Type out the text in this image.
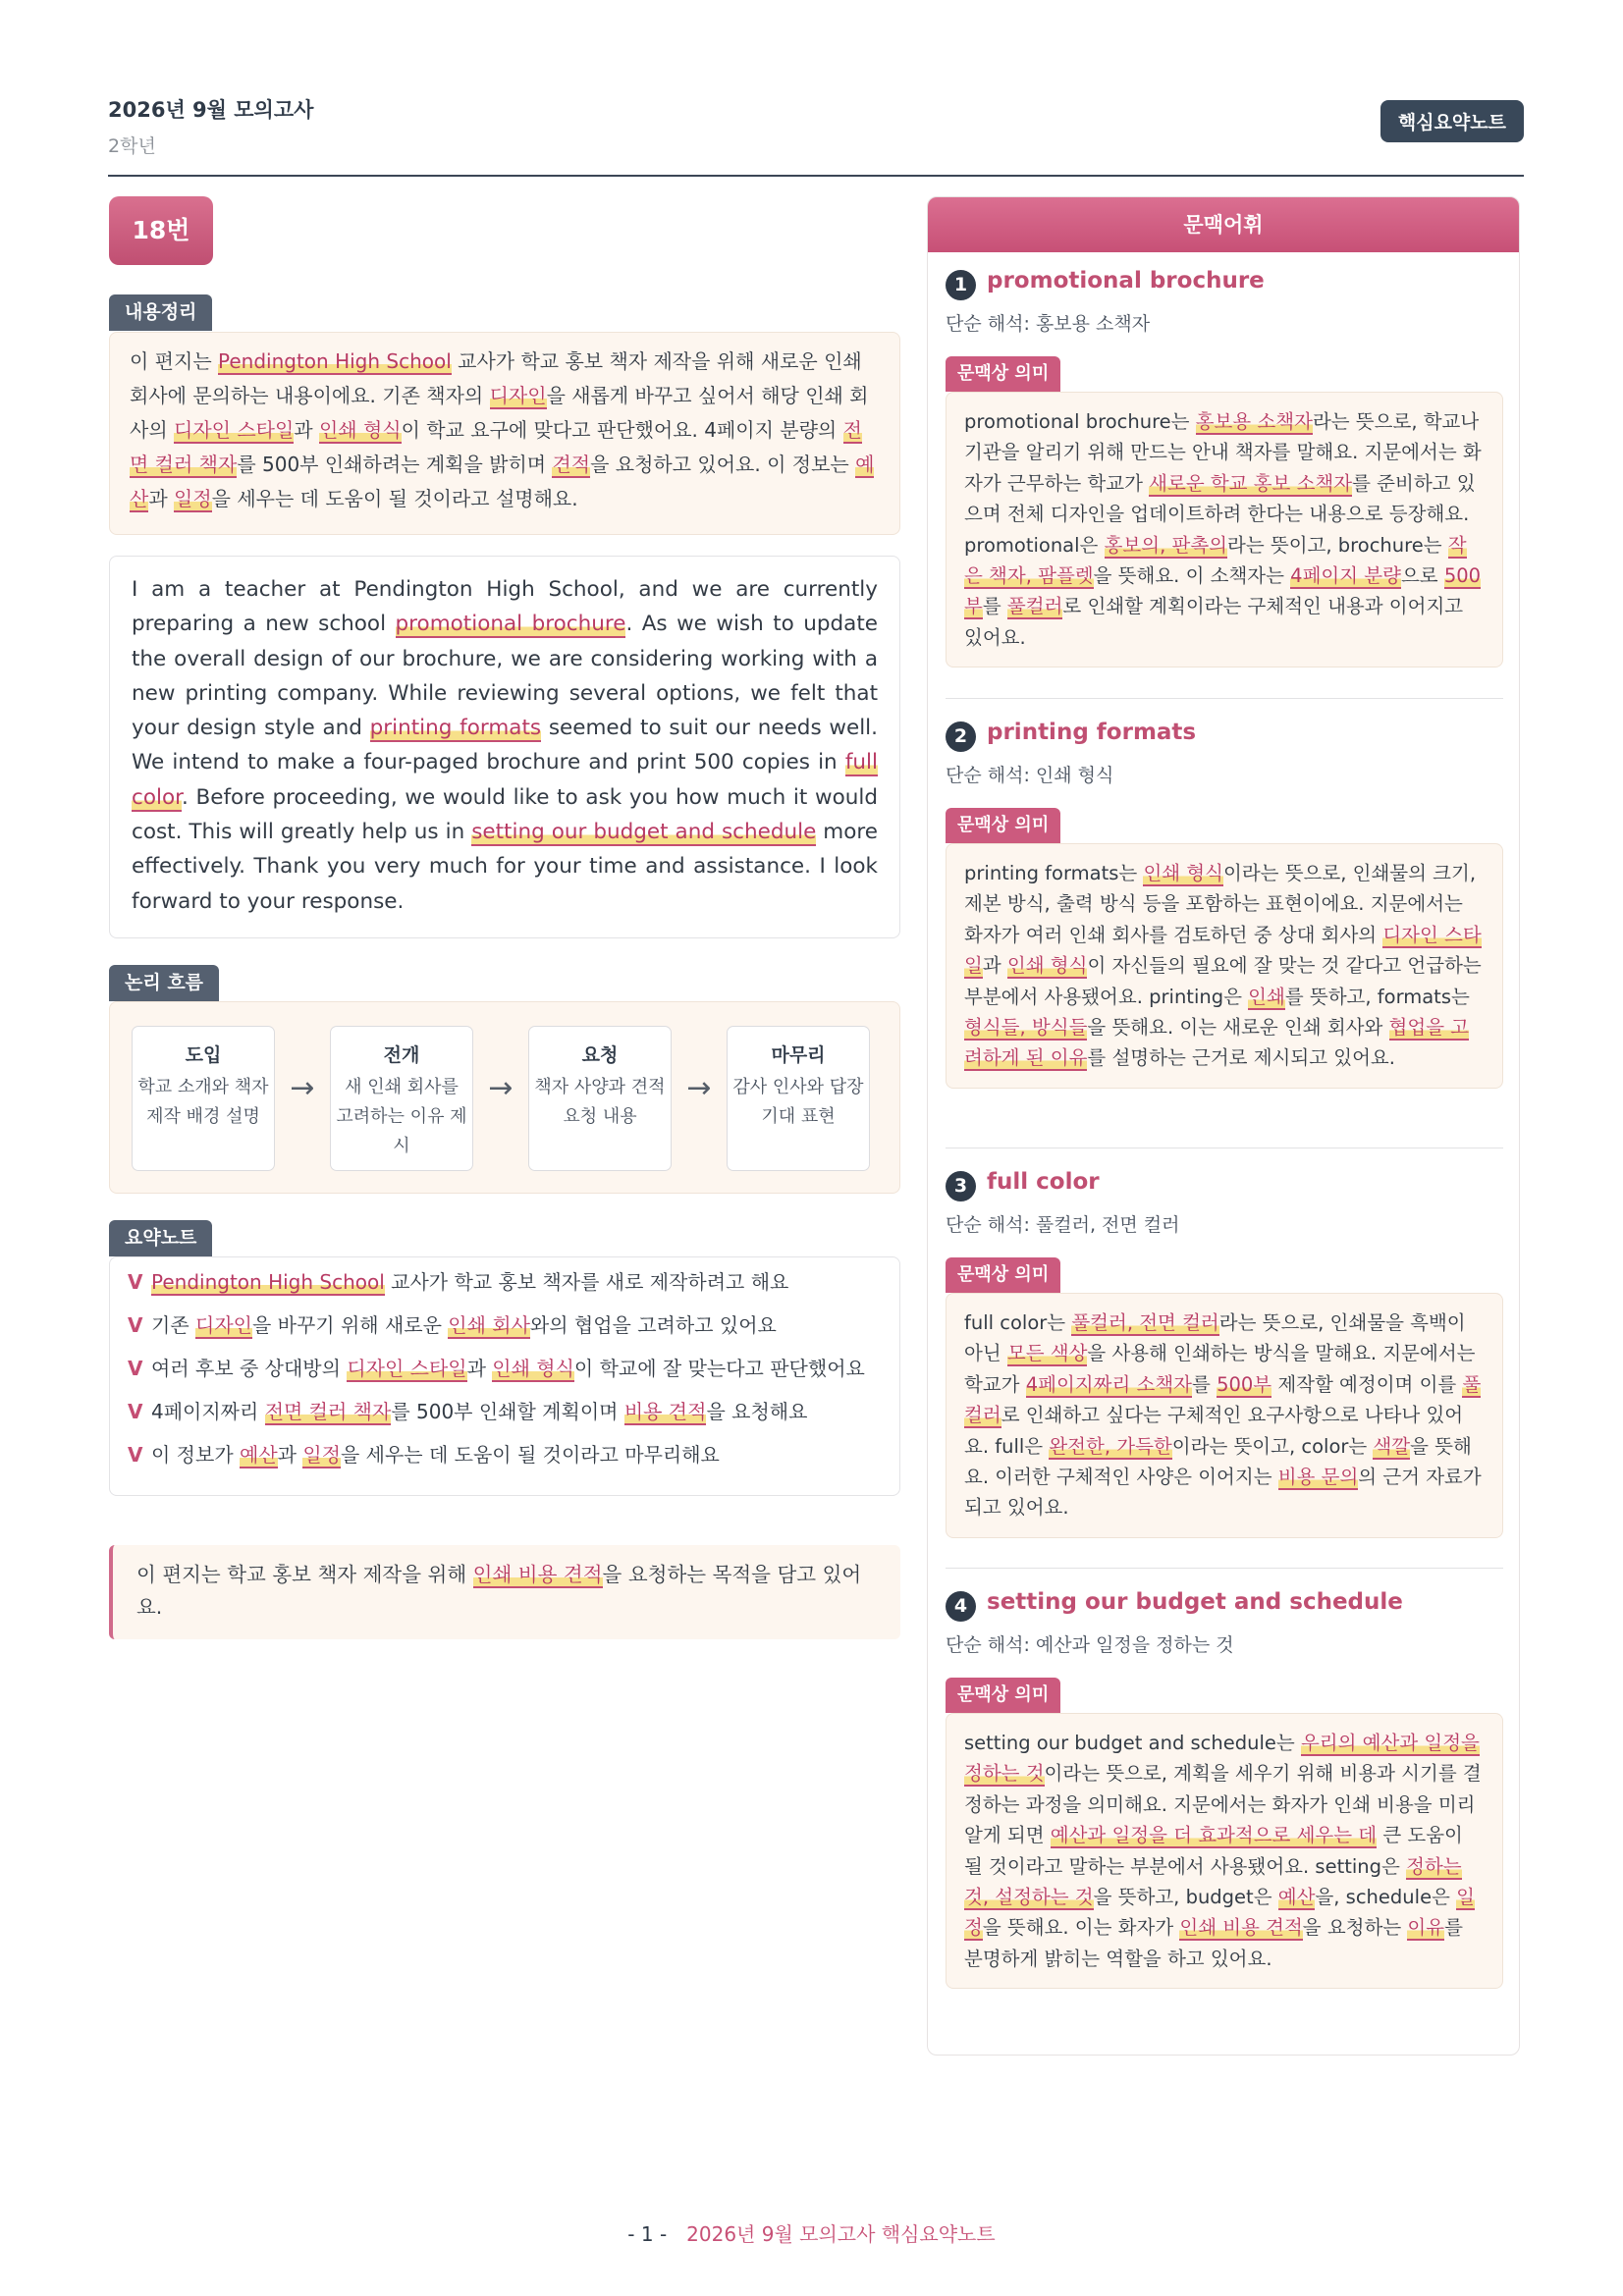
2026년 9월 모의고사
2학년
핵심요약노트
18번
내용정리
이 편지는 Pendington High School 교사가 학교 홍보 책자 제작을 위해 새로운 인쇄 회사에 문의하는 내용이에요. 기존 책자의 디자인을 새롭게 바꾸고 싶어서 해당 인쇄 회사의 디자인 스타일과 인쇄 형식이 학교 요구에 맞다고 판단했어요. 4페이지 분량의 전면 컬러 책자를 500부 인쇄하려는 계획을 밝히며 견적을 요청하고 있어요. 이 정보는 예산과 일정을 세우는 데 도움이 될 것이라고 설명해요.
I am a teacher at Pendington High School, and we are currently preparing a new school promotional brochure. As we wish to update the overall design of our brochure, we are considering working with a new printing company. While reviewing several options, we felt that your design style and printing formats seemed to suit our needs well. We intend to make a four-paged brochure and print 500 copies in full color. Before proceeding, we would like to ask you how much it would cost. This will greatly help us in setting our budget and schedule more effectively. Thank you very much for your time and assistance. I look forward to your response.
논리 흐름
도입
학교 소개와 책자 제작 배경 설명
→
전개
새 인쇄 회사를 고려하는 이유 제시
→
요청
책자 사양과 견적 요청 내용
→
마무리
감사 인사와 답장 기대 표현
요약노트
V Pendington High School 교사가 학교 홍보 책자를 새로 제작하려고 해요
V 기존 디자인을 바꾸기 위해 새로운 인쇄 회사와의 협업을 고려하고 있어요
V 여러 후보 중 상대방의 디자인 스타일과 인쇄 형식이 학교에 잘 맞는다고 판단했어요
V 4페이지짜리 전면 컬러 책자를 500부 인쇄할 계획이며 비용 견적을 요청해요
V 이 정보가 예산과 일정을 세우는 데 도움이 될 것이라고 마무리해요
이 편지는 학교 홍보 책자 제작을 위해 인쇄 비용 견적을 요청하는 목적을 담고 있어요.
문맥어휘
1 promotional brochure
단순 해석: 홍보용 소책자
문맥상 의미
promotional brochure는 홍보용 소책자라는 뜻으로, 학교나 기관을 알리기 위해 만드는 안내 책자를 말해요. 지문에서는 화자가 근무하는 학교가 새로운 학교 홍보 소책자를 준비하고 있으며 전체 디자인을 업데이트하려 한다는 내용으로 등장해요. promotional은 홍보의, 판촉의라는 뜻이고, brochure는 작은 책자, 팜플렛을 뜻해요. 이 소책자는 4페이지 분량으로 500부를 풀컬러로 인쇄할 계획이라는 구체적인 내용과 이어지고 있어요.
2 printing formats
단순 해석: 인쇄 형식
문맥상 의미
printing formats는 인쇄 형식이라는 뜻으로, 인쇄물의 크기, 제본 방식, 출력 방식 등을 포함하는 표현이에요. 지문에서는 화자가 여러 인쇄 회사를 검토하던 중 상대 회사의 디자인 스타일과 인쇄 형식이 자신들의 필요에 잘 맞는 것 같다고 언급하는 부분에서 사용됐어요. printing은 인쇄를 뜻하고, formats는 형식들, 방식들을 뜻해요. 이는 새로운 인쇄 회사와 협업을 고려하게 된 이유를 설명하는 근거로 제시되고 있어요.
3 full color
단순 해석: 풀컬러, 전면 컬러
문맥상 의미
full color는 풀컬러, 전면 컬러라는 뜻으로, 인쇄물을 흑백이 아닌 모든 색상을 사용해 인쇄하는 방식을 말해요. 지문에서는 학교가 4페이지짜리 소책자를 500부 제작할 예정이며 이를 풀컬러로 인쇄하고 싶다는 구체적인 요구사항으로 나타나 있어요. full은 완전한, 가득한이라는 뜻이고, color는 색깔을 뜻해요. 이러한 구체적인 사양은 이어지는 비용 문의의 근거 자료가 되고 있어요.
4 setting our budget and schedule
단순 해석: 예산과 일정을 정하는 것
문맥상 의미
setting our budget and schedule는 우리의 예산과 일정을 정하는 것이라는 뜻으로, 계획을 세우기 위해 비용과 시기를 결정하는 과정을 의미해요. 지문에서는 화자가 인쇄 비용을 미리 알게 되면 예산과 일정을 더 효과적으로 세우는 데 큰 도움이 될 것이라고 말하는 부분에서 사용됐어요. setting은 정하는 것, 설정하는 것을 뜻하고, budget은 예산을, schedule은 일정을 뜻해요. 이는 화자가 인쇄 비용 견적을 요청하는 이유를 분명하게 밝히는 역할을 하고 있어요.
- 1 - 2026년 9월 모의고사 핵심요약노트
